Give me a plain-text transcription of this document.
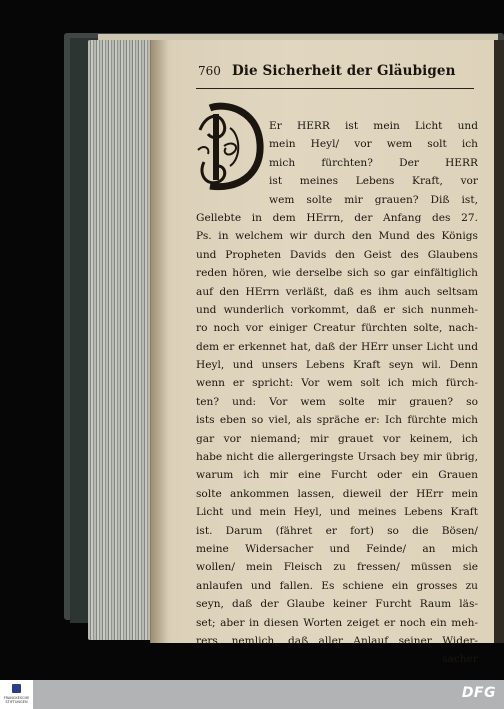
760 Die Sicherheit der Gläubigen
Er HERR ist mein Licht und
mein Heyl/ vor wem solt ich
mich fürchten? Der HERR
ist meines Lebens Kraft, vor
wem solte mir grauen? Diß ist,
Gellebte in dem HErrn, der Anfang des 27.
Ps. in welchem wir durch den Mund des Königs
und Propheten Davids den Geist des Glaubens
reden hören, wie derselbe sich so gar einfältiglich
auf den HErrn verläßt, daß es ihm auch seltsam
und wunderlich vorkommt, daß er sich nunmeh-
ro noch vor einiger Creatur fürchten solte, nach-
dem er erkennet hat, daß der HErr unser Licht und
Heyl, und unsers Lebens Kraft seyn wil. Denn
wenn er spricht: Vor wem solt ich mich fürch-
ten? und: Vor wem solte mir grauen? so
ists eben so viel, als spräche er: Ich fürchte mich
gar vor niemand; mir grauet vor keinem, ich
habe nicht die allergeringste Ursach bey mir übrig,
warum ich mir eine Furcht oder ein Grauen
solte ankommen lassen, dieweil der HErr mein
Licht und mein Heyl, und meines Lebens Kraft
ist. Darum (fähret er fort) so die Bösen/
meine Widersacher und Feinde/ an mich
wollen/ mein Fleisch zu fressen/ müssen sie
anlaufen und fallen. Es schiene ein grosses zu
seyn, daß der Glaube keiner Furcht Raum läs-
set; aber in diesen Worten zeiget er noch ein meh-
rers, nemlich, daß aller Anlauf seiner Wider-
sacher
FRANCKESCHE STIFTUNGEN
DFG
